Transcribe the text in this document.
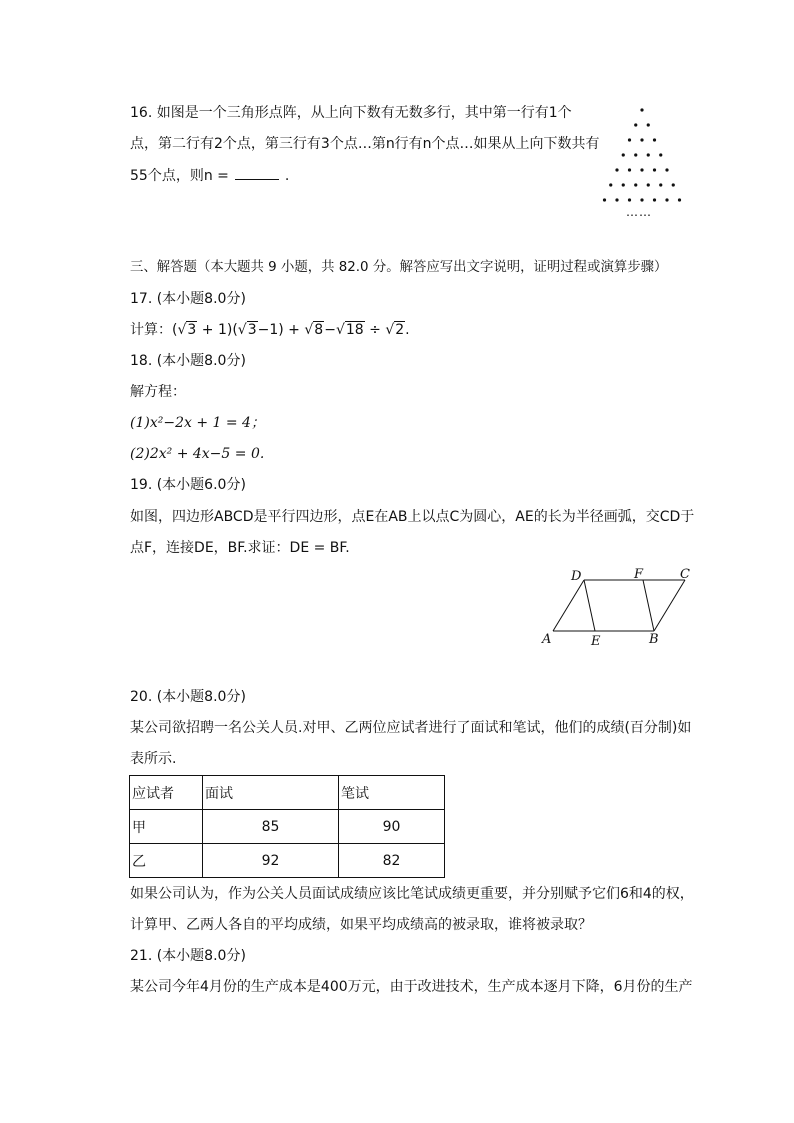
16. 如图是一个三角形点阵，从上向下数有无数多行，其中第一行有1个
点，第二行有2个点，第三行有3个点…第n行有n个点…如果从上向下数共有
55个点，则n =	.
……
三、解答题（本大题共 9 小题，共 82.0 分。解答应写出文字说明，证明过程或演算步骤）
17. (本小题8.0分)
计算：(√3 + 1)(√3−1) + √8−√18 ÷ √2.
18. (本小题8.0分)
解方程：
(1)x²−2x + 1 = 4；
(2)2x² + 4x−5 = 0.
19. (本小题6.0分)
如图，四边形ABCD是平行四边形，点E在AB上以点C为圆心，AE的长为半径画弧，交CD于
点F，连接DE，BF.求证：DE = BF.
D	F	C
A	E	B
20. (本小题8.0分)
某公司欲招聘一名公关人员.对甲、乙两位应试者进行了面试和笔试，他们的成绩(百分制)如
表所示.
应试者	面试	笔试
甲	85	90
乙	92	82
如果公司认为，作为公关人员面试成绩应该比笔试成绩更重要，并分别赋予它们6和4的权，
计算甲、乙两人各自的平均成绩，如果平均成绩高的被录取，谁将被录取？
21. (本小题8.0分)
某公司今年4月份的生产成本是400万元，由于改进技术，生产成本逐月下降，6月份的生产
